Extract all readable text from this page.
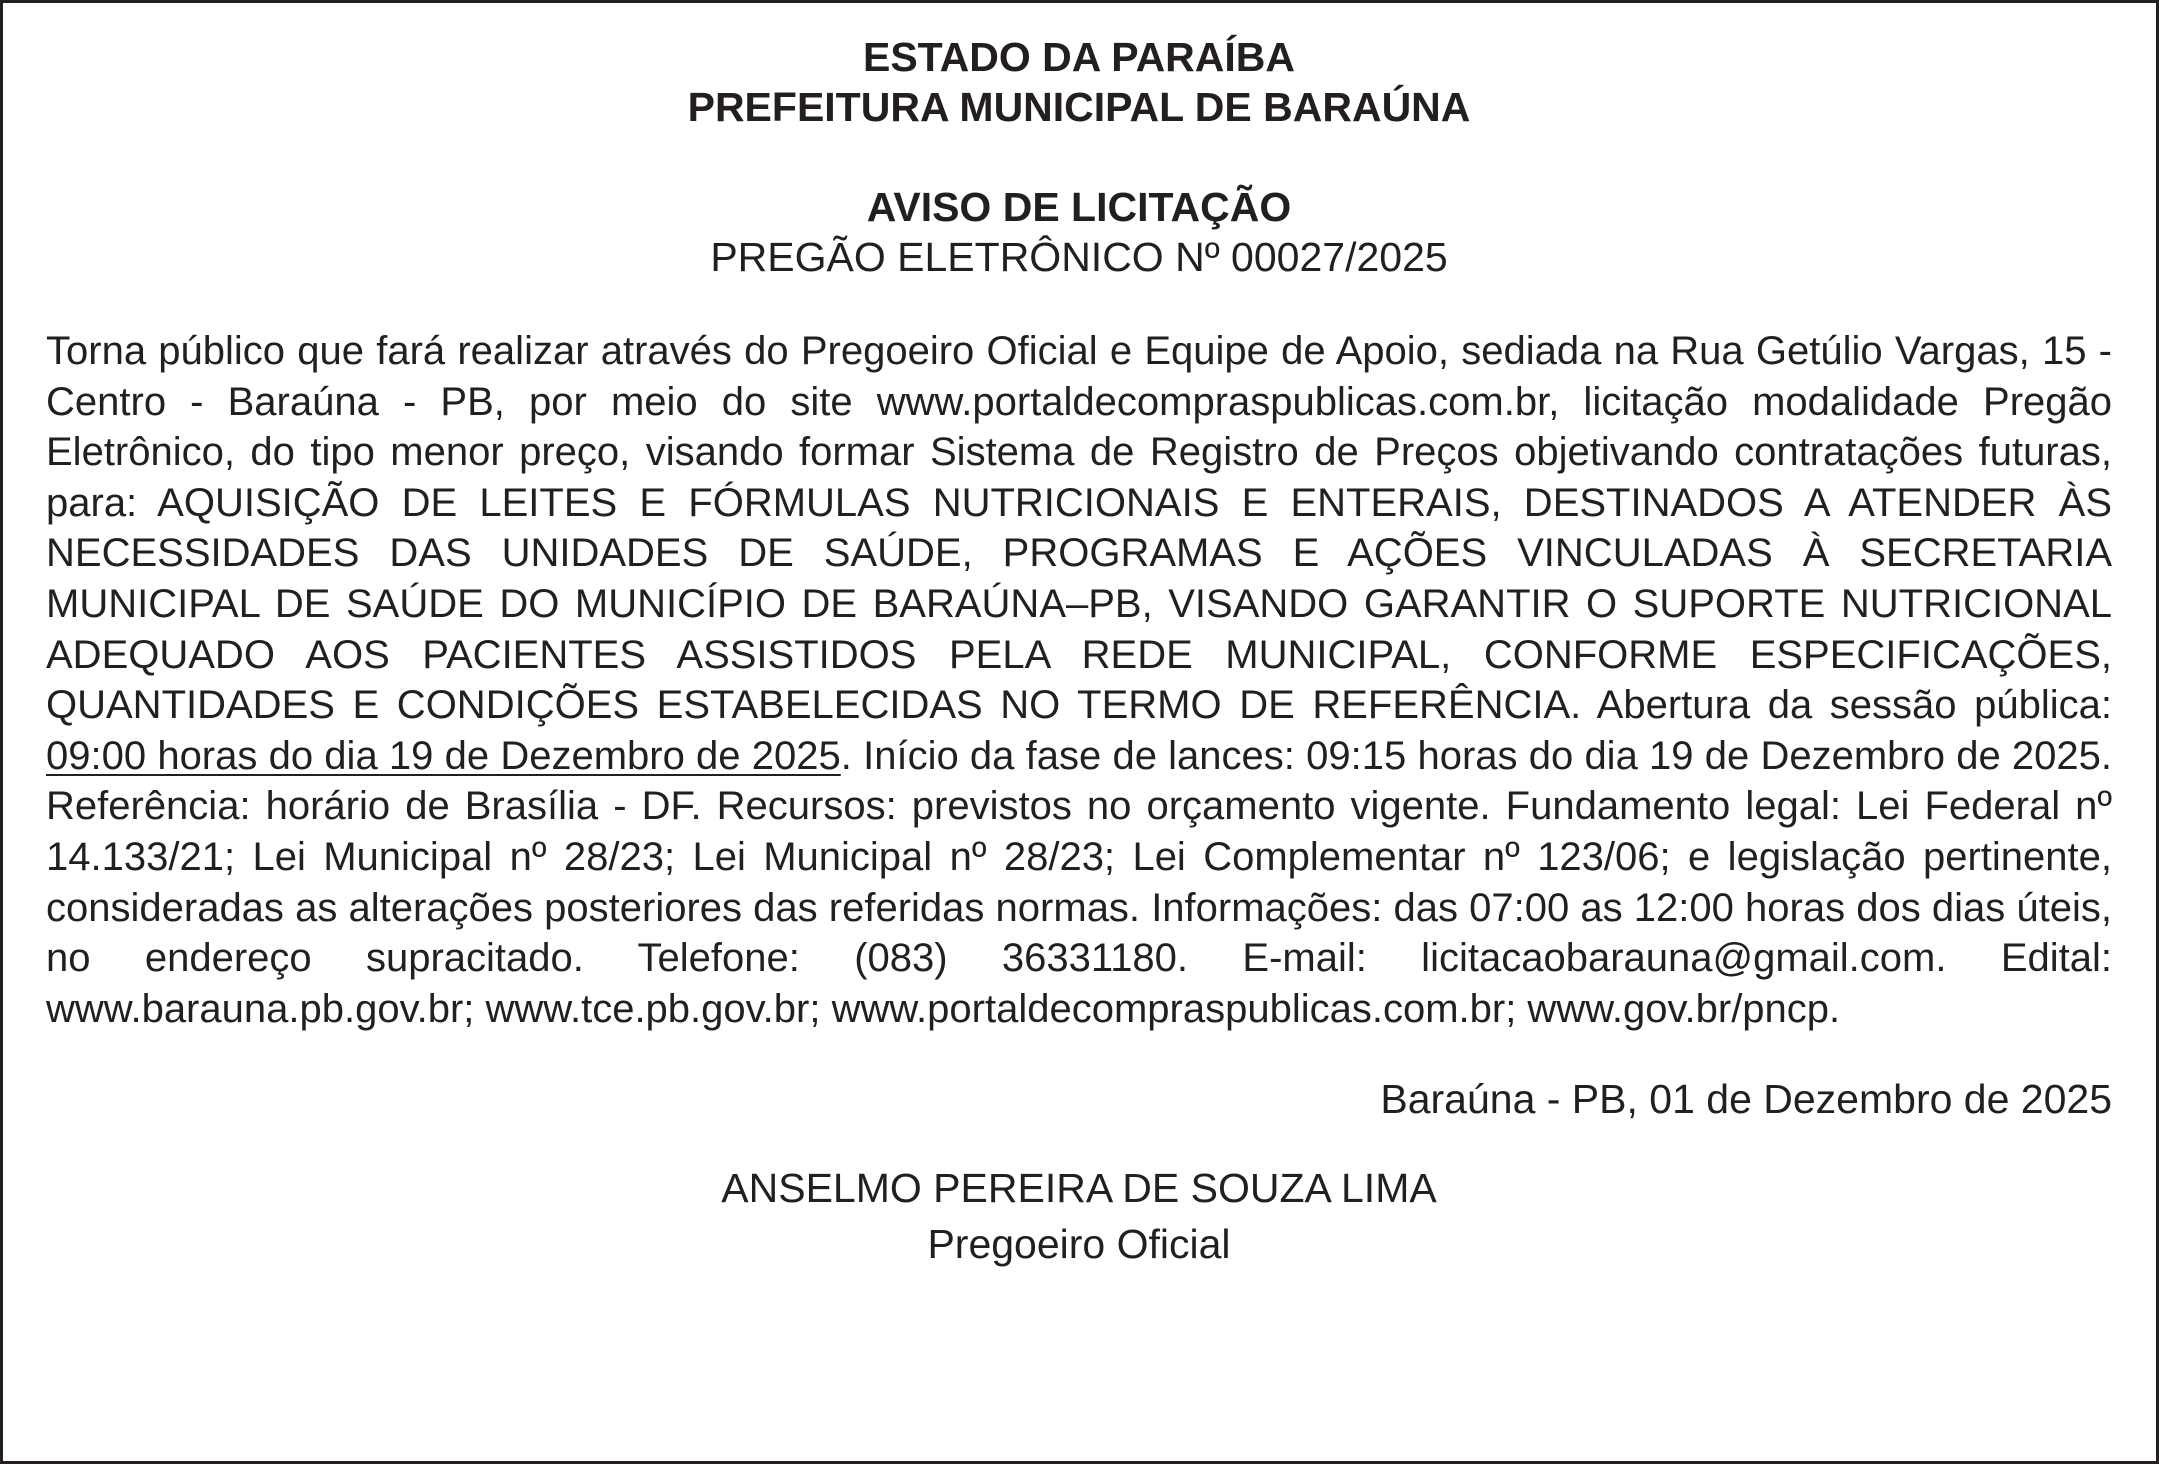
ESTADO DA PARAÍBA
PREFEITURA MUNICIPAL DE BARAÚNA
AVISO DE LICITAÇÃO
PREGÃO ELETRÔNICO Nº 00027/2025
Torna público que fará realizar através do Pregoeiro Oficial e Equipe de Apoio, sediada na Rua Getúlio Vargas, 15 - Centro - Baraúna - PB, por meio do site www.portaldecompraspublicas.com.br, licitação modalidade Pregão Eletrônico, do tipo menor preço, visando formar Sistema de Registro de Preços objetivando contratações futuras, para: AQUISIÇÃO DE LEITES E FÓRMULAS NUTRICIONAIS E ENTERAIS, DESTINADOS A ATENDER ÀS NECESSIDADES DAS UNIDADES DE SAÚDE, PROGRAMAS E AÇÕES VINCULADAS À SECRETARIA MUNICIPAL DE SAÚDE DO MUNICÍPIO DE BARAÚNA–PB, VISANDO GARANTIR O SUPORTE NUTRICIONAL ADEQUADO AOS PACIENTES ASSISTIDOS PELA REDE MUNICIPAL, CONFORME ESPECIFICAÇÕES, QUANTIDADES E CONDIÇÕES ESTABELECIDAS NO TERMO DE REFERÊNCIA. Abertura da sessão pública: 09:00 horas do dia 19 de Dezembro de 2025. Início da fase de lances: 09:15 horas do dia 19 de Dezembro de 2025. Referência: horário de Brasília - DF. Recursos: previstos no orçamento vigente. Fundamento legal: Lei Federal nº 14.133/21; Lei Municipal nº 28/23; Lei Municipal nº 28/23; Lei Complementar nº 123/06; e legislação pertinente, consideradas as alterações posteriores das referidas normas. Informações: das 07:00 as 12:00 horas dos dias úteis, no endereço supracitado. Telefone: (083) 36331180. E-mail: licitacaobarauna@gmail.com. Edital: www.barauna.pb.gov.br; www.tce.pb.gov.br; www.portaldecompraspublicas.com.br; www.gov.br/pncp.
Baraúna - PB, 01 de Dezembro de 2025
ANSELMO PEREIRA DE SOUZA LIMA
Pregoeiro Oficial
